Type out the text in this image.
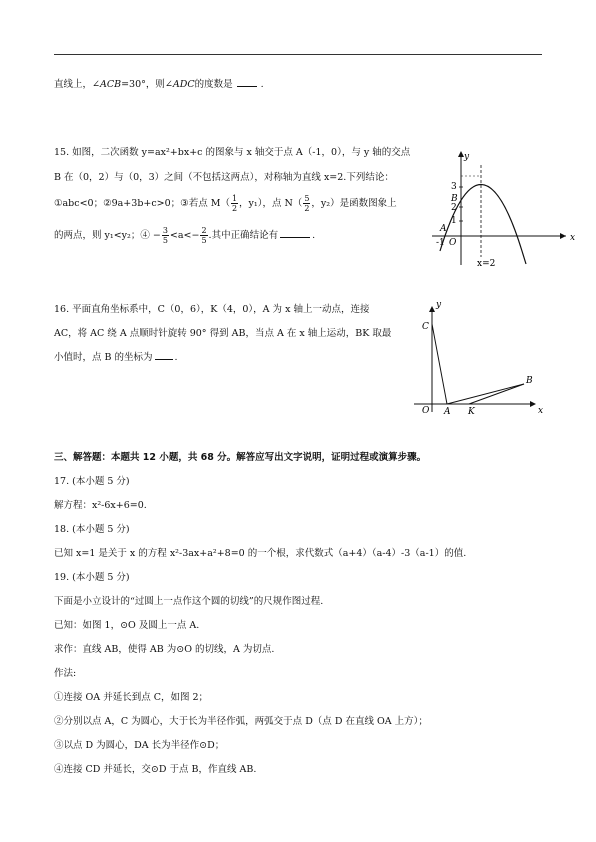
直线上，∠ACB=30°，则∠ADC的度数是	.
15. 如图，二次函数 y=ax²+bx+c 的图象与 x 轴交于点 A（-1，0），与 y 轴的交点
B 在（0，2）与（0，3）之间（不包括这两点），对称轴为直线 x=2.下列结论：
①abc<0；②9a+3b+c>0；③若点 $M( \frac{1}{2}$ ，y₁），点 $N( \frac{5}{2}$ ，y₂）是函数图象上
的两点，则 y₁<y₂；④ − $\frac{3}{5} <a<- \frac{2}{5}$ .其中正确结论有	.
y
x
3
B
2
1
A
-1 O
x=2
16. 平面直角坐标系中，C（0，6），K（4，0），A 为 x 轴上一动点，连接
AC，将 AC 绕 A 点顺时针旋转 90° 得到 AB，当点 A 在 x 轴上运动，BK 取最
小值时，点 B 的坐标为 .
y
x
C
O A K
B
三、解答题：本题共 12 小题，共 68 分。解答应写出文字说明，证明过程或演算步骤。
17. (本小题 5 分)
解方程：x²-6x+6=0.
18. (本小题 5 分)
已知 x=1 是关于 x 的方程 x²-3ax+a²+8=0 的一个根，求代数式（a+4）（a-4）-3（a-1）的值.
19. (本小题 5 分)
下面是小立设计的“过圆上一点作这个圆的切线”的尺规作图过程.
已知：如图 1，⊙O 及圆上一点 A.
求作：直线 AB，使得 AB 为⊙O 的切线，A 为切点.
作法:
①连接 OA 并延长到点 C，如图 2；
②分别以点 A，C 为圆心，大于长为半径作弧，两弧交于点 D（点 D 在直线 OA 上方）；
③以点 D 为圆心，DA 长为半径作⊙D；
④连接 CD 并延长，交⊙D 于点 B，作直线 AB.
